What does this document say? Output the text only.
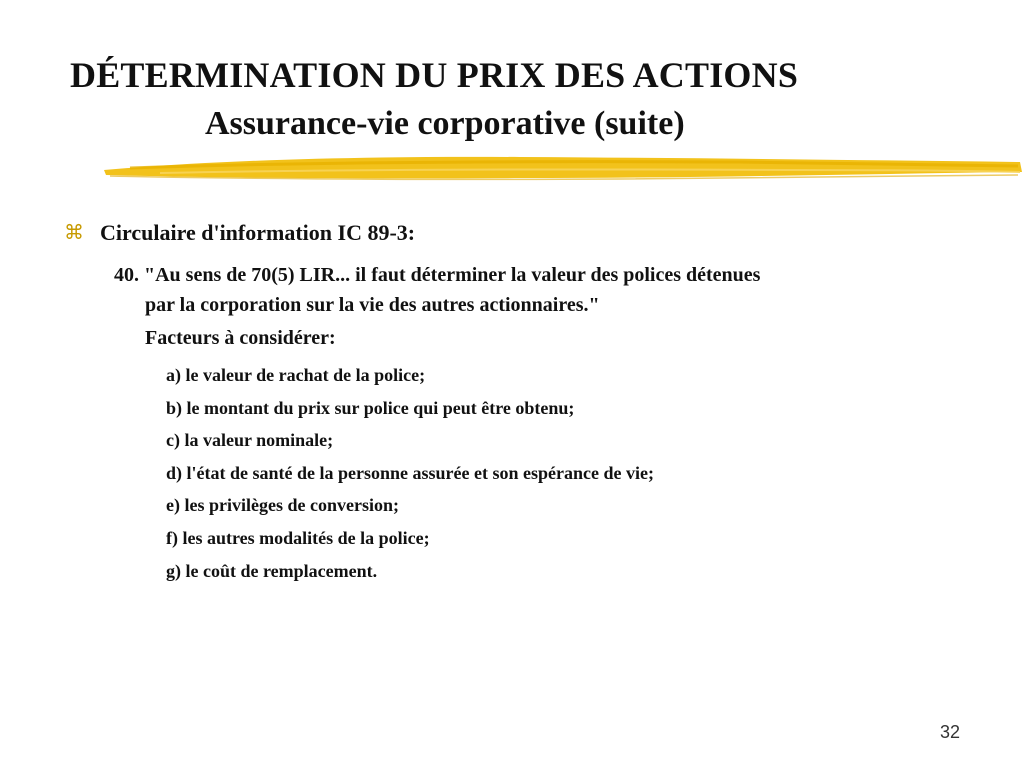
DÉTERMINATION DU PRIX DES ACTIONS
Assurance-vie corporative (suite)
⌘ Circulaire d'information IC 89-3:
40. "Au sens de 70(5) LIR... il faut déterminer la valeur des polices détenues
par la corporation sur la vie des autres actionnaires."
Facteurs à considérer:
a) le valeur de rachat de la police;
b) le montant du prix sur police qui peut être obtenu;
c) la valeur nominale;
d) l'état de santé de la personne assurée et son espérance de vie;
e) les privilèges de conversion;
f) les autres modalités de la police;
g) le coût de remplacement.
32
